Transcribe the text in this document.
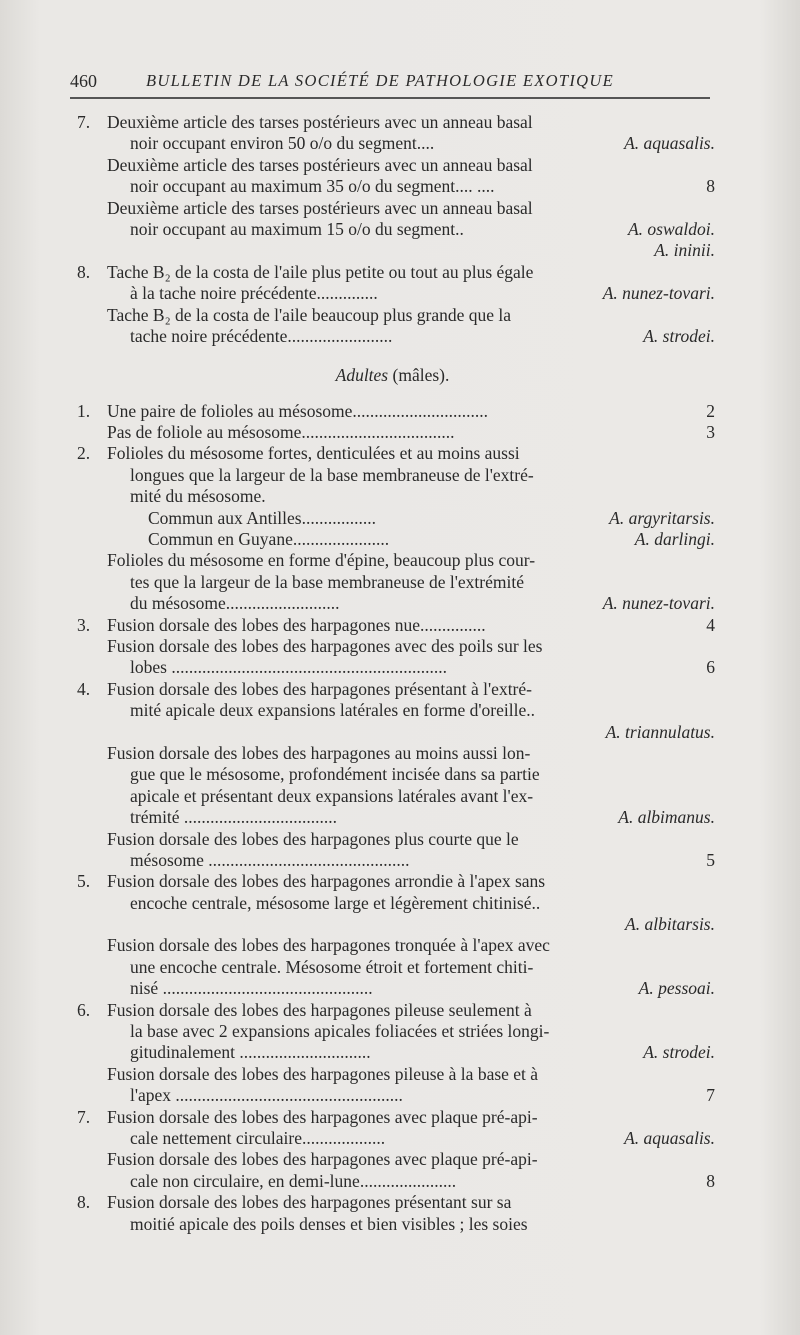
460	BULLETIN DE LA SOCIÉTÉ DE PATHOLOGIE EXOTIQUE
7. Deuxième article des tarses postérieurs avec un anneau basal
noir occupant environ 50 o/o du segment....	A. aquasalis.
Deuxième article des tarses postérieurs avec un anneau basal
noir occupant au maximum 35 o/o du segment.... ....	8
Deuxième article des tarses postérieurs avec un anneau basal
noir occupant au maximum 15 o/o du segment..	A. oswaldoi.
A. ininii.
8. Tache B₂ de la costa de l'aile plus petite ou tout au plus égale
à la tache noire précédente..............	A. nunez-tovari.
Tache B₂ de la costa de l'aile beaucoup plus grande que la
tache noire précédente........................	A. strodei.
Adultes (mâles).
1. Une paire de folioles au mésosome...............................	2
Pas de foliole au mésosome...................................	3
2. Folioles du mésosome fortes, denticulées et au moins aussi
longues que la largeur de la base membraneuse de l'extré-
mité du mésosome.
Commun aux Antilles.................	A. argyritarsis.
Commun en Guyane......................	A. darlingi.
Folioles du mésosome en forme d'épine, beaucoup plus cour-
tes que la largeur de la base membraneuse de l'extrémité
du mésosome..........................	A. nunez-tovari.
3. Fusion dorsale des lobes des harpagones nue...............	4
Fusion dorsale des lobes des harpagones avec des poils sur les
lobes ...............................................................	6
4. Fusion dorsale des lobes des harpagones présentant à l'extré-
mité apicale deux expansions latérales en forme d'oreille..
A. triannulatus.
Fusion dorsale des lobes des harpagones au moins aussi lon-
gue que le mésosome, profondément incisée dans sa partie
apicale et présentant deux expansions latérales avant l'ex-
trémité ...................................	A. albimanus.
Fusion dorsale des lobes des harpagones plus courte que le
mésosome ..............................................	5
5. Fusion dorsale des lobes des harpagones arrondie à l'apex sans
encoche centrale, mésosome large et légèrement chitinisé..
A. albitarsis.
Fusion dorsale des lobes des harpagones tronquée à l'apex avec
une encoche centrale. Mésosome étroit et fortement chiti-
nisé ................................................	A. pessoai.
6. Fusion dorsale des lobes des harpagones pileuse seulement à
la base avec 2 expansions apicales foliacées et striées longi-
gitudinalement ..............................	A. strodei.
Fusion dorsale des lobes des harpagones pileuse à la base et à
l'apex ....................................................	7
7. Fusion dorsale des lobes des harpagones avec plaque pré-api-
cale nettement circulaire...................	A. aquasalis.
Fusion dorsale des lobes des harpagones avec plaque pré-api-
cale non circulaire, en demi-lune......................	8
8. Fusion dorsale des lobes des harpagones présentant sur sa
moitié apicale des poils denses et bien visibles ; les soies
